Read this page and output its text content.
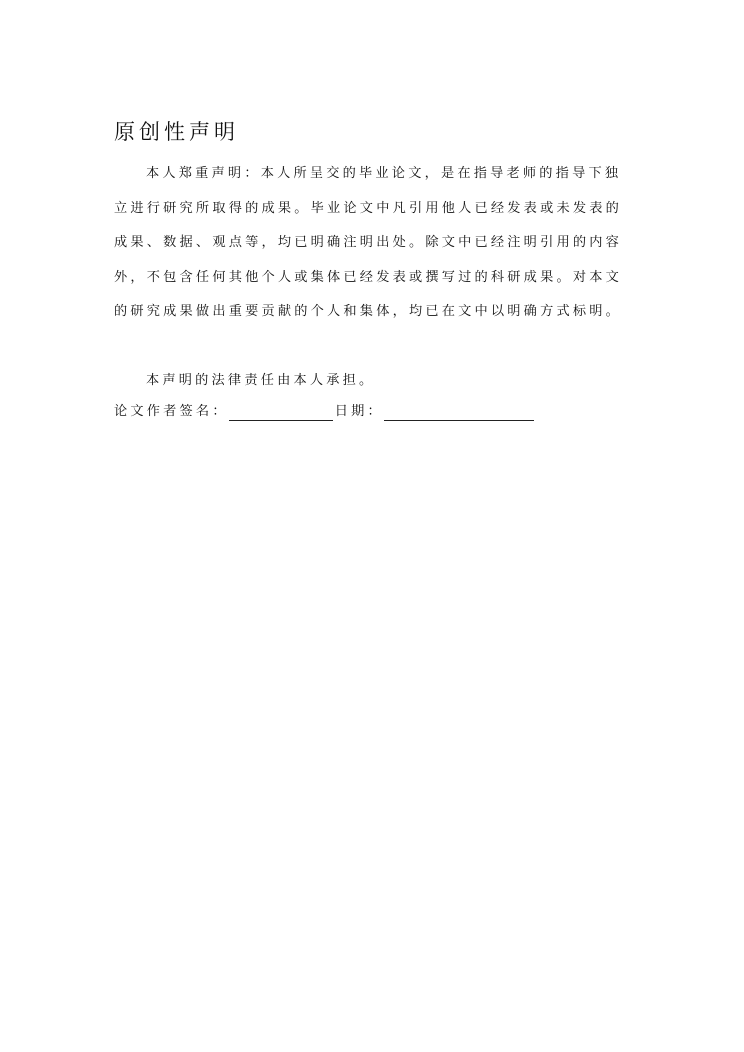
原创性声明
本人郑重声明：本人所呈交的毕业论文，是在指导老师的指导下独立进行研究所取得的成果。毕业论文中凡引用他人已经发表或未发表的成果、数据、观点等，均已明确注明出处。除文中已经注明引用的内容外，不包含任何其他个人或集体已经发表或撰写过的科研成果。对本文的研究成果做出重要贡献的个人和集体，均已在文中以明确方式标明。
本声明的法律责任由本人承担。
论文作者签名：	日期：
